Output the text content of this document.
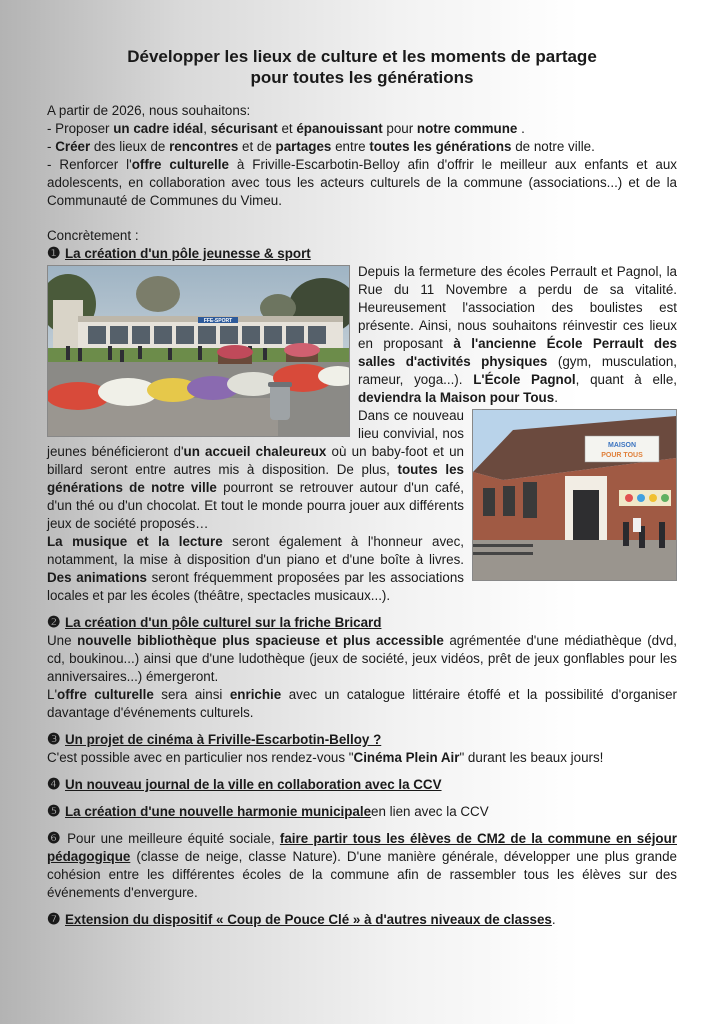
Développer les lieux de culture et les moments de partage
pour toutes les générations

A partir de 2026, nous souhaitons:

- Proposer un cadre idéal, sécurisant et épanouissant pour notre commune .

- Créer des lieux de rencontres et de partages entre toutes les générations de notre ville.

- Renforcer l'offre culturelle à Friville-Escarbotin-Belloy afin d'offrir le meilleur aux enfants et aux adolescents, en collaboration avec tous les acteurs culturels de la commune (associations...) et de la Communauté de Communes du Vimeu.

Concrètement :

❶ La création d'un pôle jeunesse & sport
FFE-SPORT

Depuis la fermeture des écoles Perrault et Pagnol, la Rue du 11 Novembre a perdu de sa vitalité. Heureusement l'association des boulistes est présente. Ainsi, nous souhaitons réinvestir ces lieux en proposant à l'ancienne École Perrault des salles d'activités physiques (gym, musculation, rameur, yoga...). L'École Pagnol, quant à elle, deviendra la Maison pour Tous.

MAISON
POUR TOUS

Dans ce nouveau lieu convivial, nos jeunes bénéficieront d'un accueil chaleureux où un baby-foot et un billard seront entre autres mis à disposition. De plus, toutes les générations de notre ville pourront se retrouver autour d'un café, d'un thé ou d'un chocolat. Et tout le monde pourra jouer aux différents jeux de société proposés…

La musique et la lecture seront également à l'honneur avec, notamment, la mise à disposition d'un piano et d'une boîte à livres. Des animations seront fréquemment proposées par les associations locales et par les écoles (théâtre, spectacles musicaux...).

❷ La création d'un pôle culturel sur la friche Bricard

Une nouvelle bibliothèque plus spacieuse et plus accessible agrémentée d'une médiathèque (dvd, cd, boukinou...) ainsi que d'une ludothèque (jeux de société, jeux vidéos, prêt de jeux gonflables pour les anniversaires...) émergeront.

L'offre culturelle sera ainsi enrichie avec un catalogue littéraire étoffé et la possibilité d'organiser davantage d'événements culturels.

❸ Un projet de cinéma à Friville-Escarbotin-Belloy ?

C'est possible avec en particulier nos rendez-vous "Cinéma Plein Air" durant les beaux jours!

❹ Un nouveau journal de la ville en collaboration avec la CCV
❺ La création d'une nouvelle harmonie municipale en lien avec la CCV

❻ Pour une meilleure équité sociale, faire partir tous les élèves de CM2 de la commune en séjour pédagogique (classe de neige, classe Nature). D'une manière générale, développer une plus grande cohésion entre les différentes écoles de la commune afin de rassembler tous les élèves sur des événements d'envergure.

❼ Extension du dispositif « Coup de Pouce Clé » à d'autres niveaux de classes .
